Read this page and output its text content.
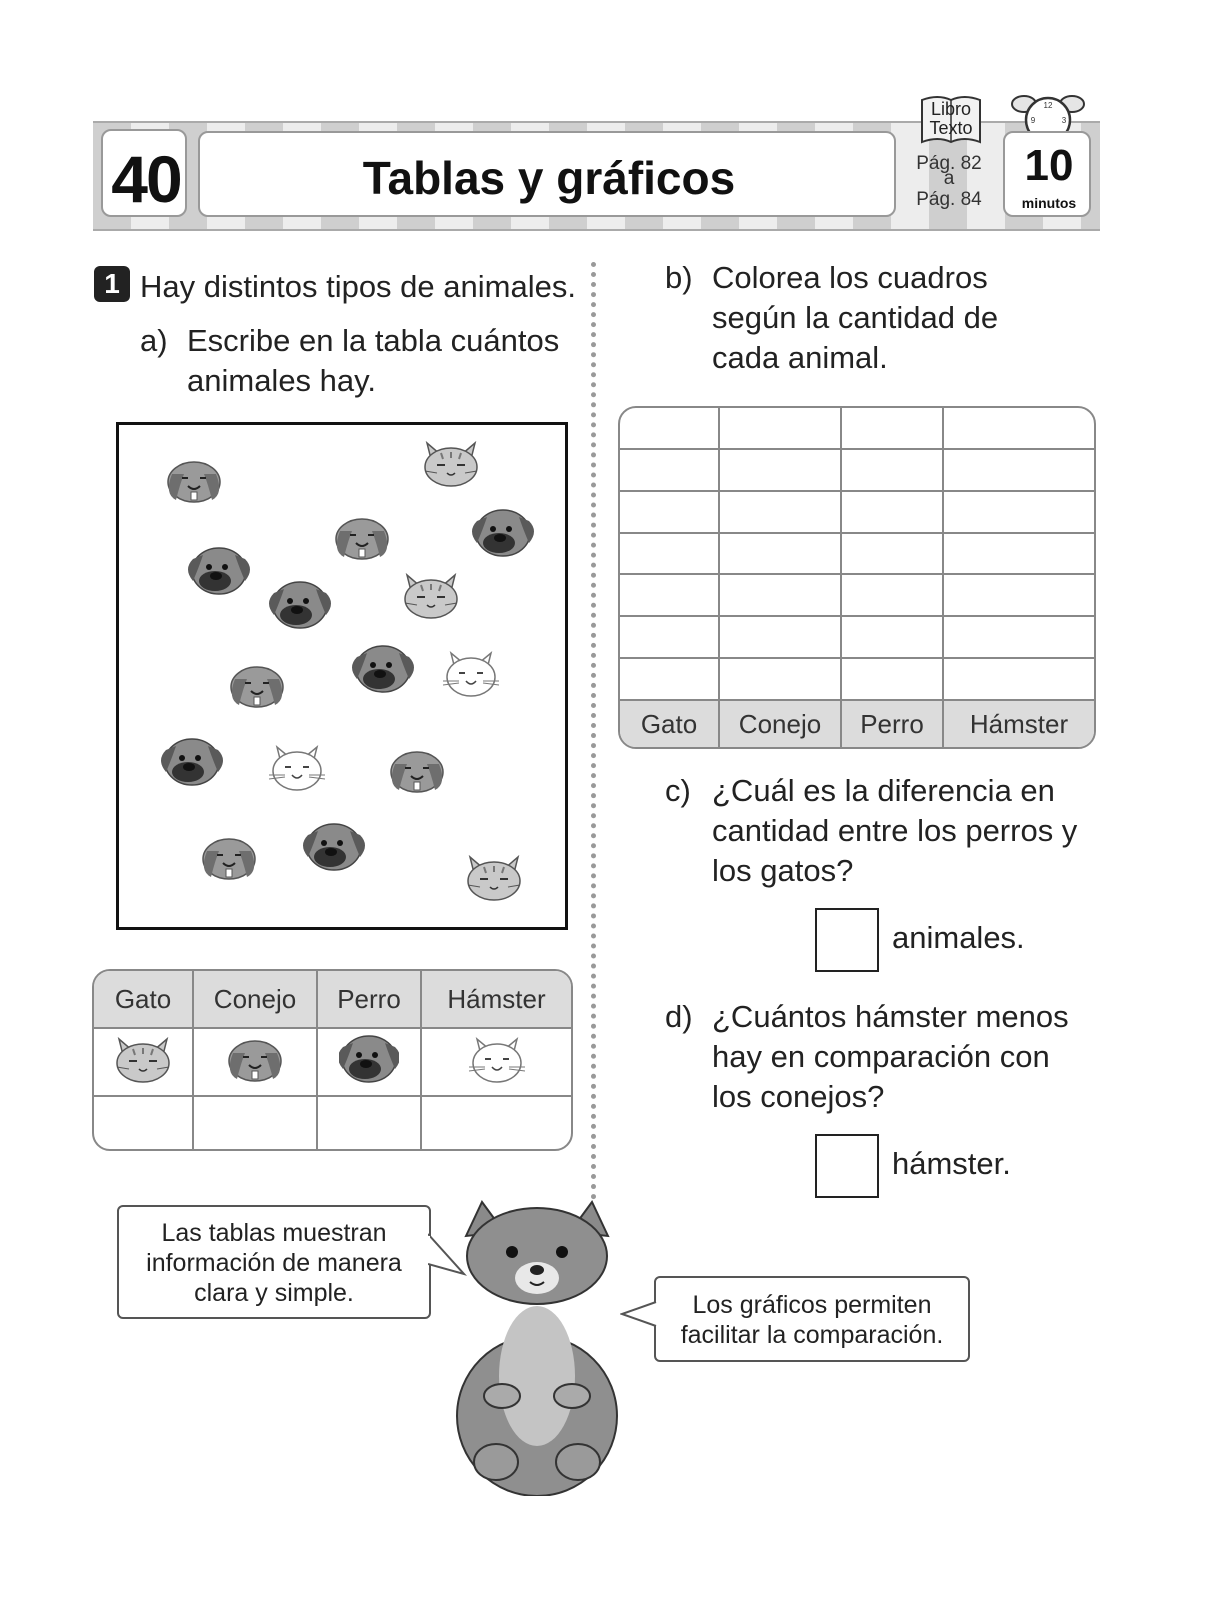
40	Tablas y gráficos
Libro
Texto
Pág. 82
a
Pág. 84
12
9	3
10
minutos
1 Hay distintos tipos de animales.
a) Escribe en la tabla cuántos
animales hay.
Gato	Conejo	Perro	Hámster

b) Colorea los cuadros
según la cantidad de
cada animal.

Gato	Conejo	Perro	Hámster
c) ¿Cuál es la diferencia en
cantidad entre los perros y
los gatos?
animales.
d) ¿Cuántos hámster menos
hay en comparación con
los conejos?
hámster.
Las tablas muestran
información de manera
clara y simple.	Los gráficos permiten
facilitar la comparación.
